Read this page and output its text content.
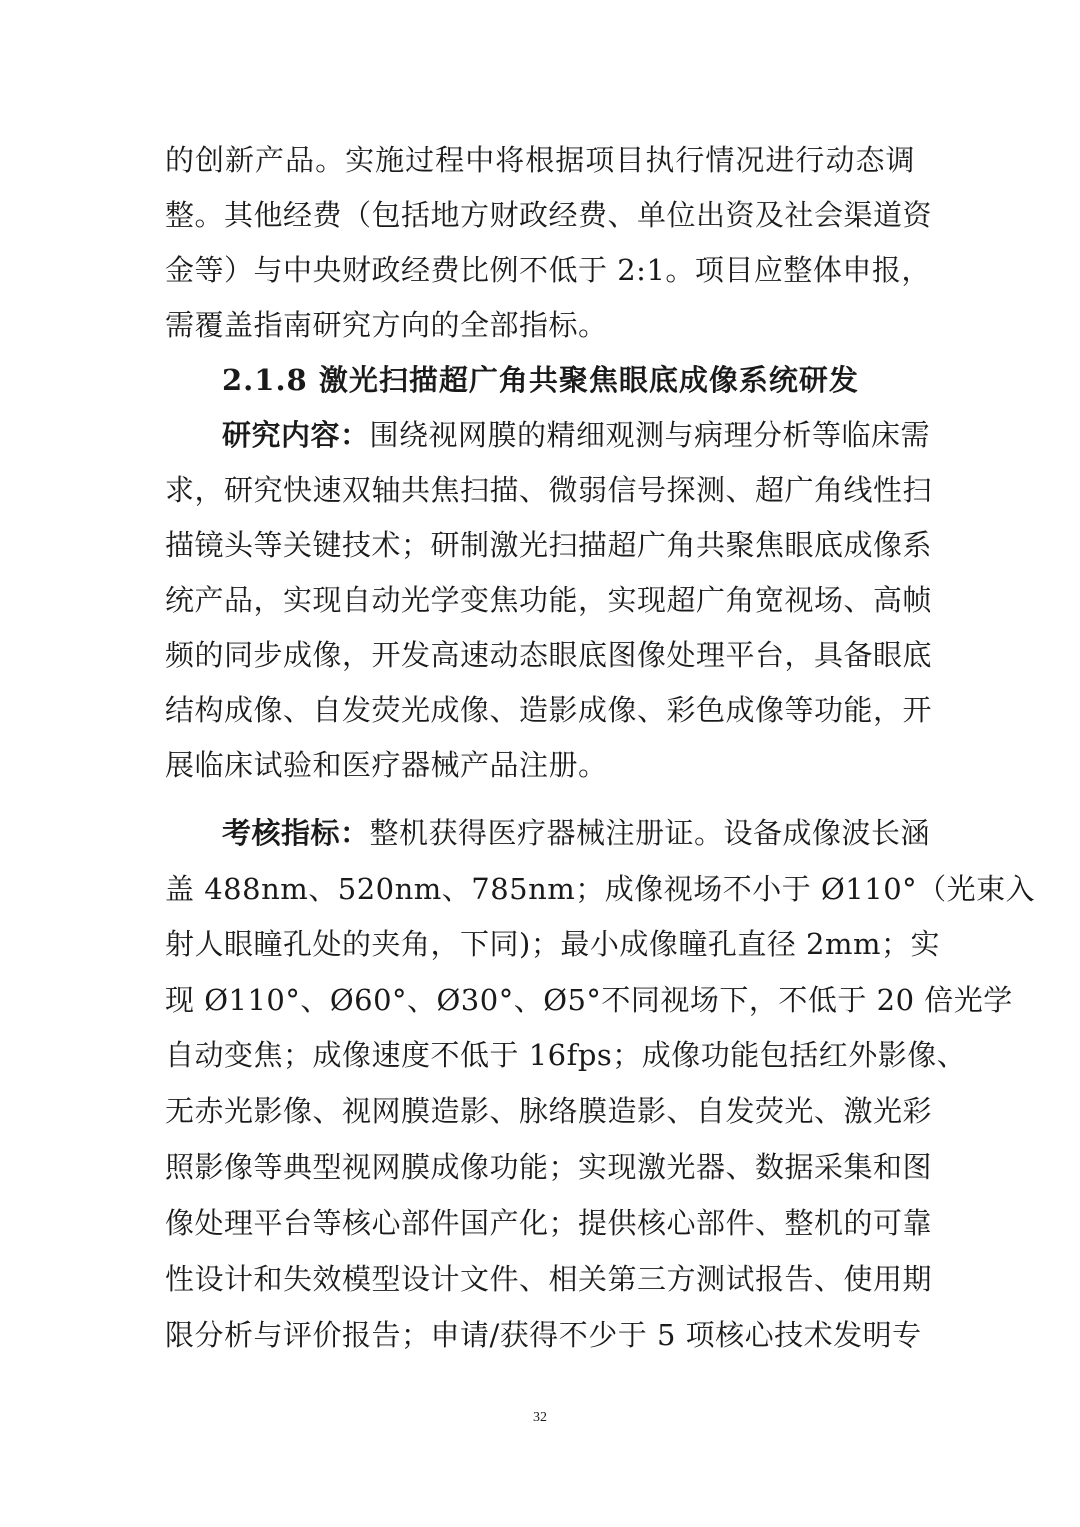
的创新产品。实施过程中将根据项目执行情况进行动态调
整。其他经费（包括地方财政经费、单位出资及社会渠道资
金等）与中央财政经费比例不低于 2:1。项目应整体申报，
需覆盖指南研究方向的全部指标。
2.1.8 激光扫描超广角共聚焦眼底成像系统研发
研究内容：围绕视网膜的精细观测与病理分析等临床需
求，研究快速双轴共焦扫描、微弱信号探测、超广角线性扫
描镜头等关键技术；研制激光扫描超广角共聚焦眼底成像系
统产品，实现自动光学变焦功能，实现超广角宽视场、高帧
频的同步成像，开发高速动态眼底图像处理平台，具备眼底
结构成像、自发荧光成像、造影成像、彩色成像等功能，开
展临床试验和医疗器械产品注册。
考核指标：整机获得医疗器械注册证。设备成像波长涵
盖 488nm、520nm、785nm；成像视场不小于 Ø110°（光束入
射人眼瞳孔处的夹角，下同)；最小成像瞳孔直径 2mm；实
现 Ø110°、Ø60°、Ø30°、Ø5°不同视场下，不低于 20 倍光学
自动变焦；成像速度不低于 16fps；成像功能包括红外影像、
无赤光影像、视网膜造影、脉络膜造影、自发荧光、激光彩
照影像等典型视网膜成像功能；实现激光器、数据采集和图
像处理平台等核心部件国产化；提供核心部件、整机的可靠
性设计和失效模型设计文件、相关第三方测试报告、使用期
限分析与评价报告；申请/获得不少于 5 项核心技术发明专
32
